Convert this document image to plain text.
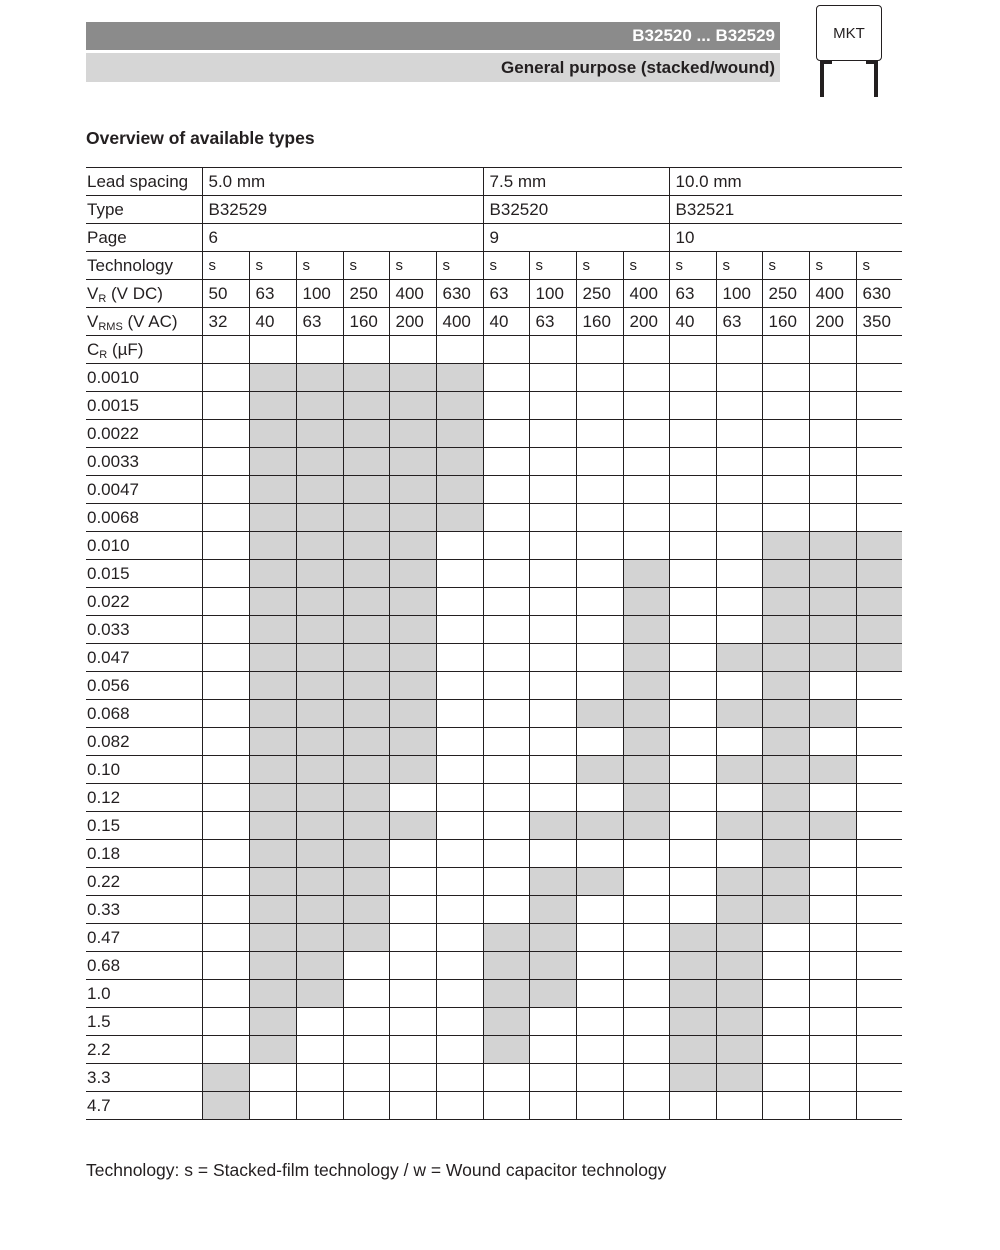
B32520 ... B32529
General purpose (stacked/wound)
MKT
Overview of available types
Lead spacing	5.0 mm						7.5 mm				10.0 mm				
Type	B32529						B32520				B32521				
Page	6						9				10				
Technology	s	s	s	s	s	s	s	s	s	s	s	s	s	s	s
$V_R$ (V DC)	50	63	100	250	400	630	63	100	250	400	63	100	250	400	630
$V_{RMS}$ (V AC)	32	40	63	160	200	400	40	63	160	200	40	63	160	200	350
$C_R$ (µF)															
0.0010															
0.0015															
0.0022															
0.0033															
0.0047															
0.0068															
0.010															
0.015															
0.022															
0.033															
0.047															
0.056															
0.068															
0.082															
0.10															
0.12															
0.15															
0.18															
0.22															
0.33															
0.47															
0.68															
1.0															
1.5															
2.2															
3.3															
4.7															
Technology: s = Stacked-film technology / w = Wound capacitor technology
